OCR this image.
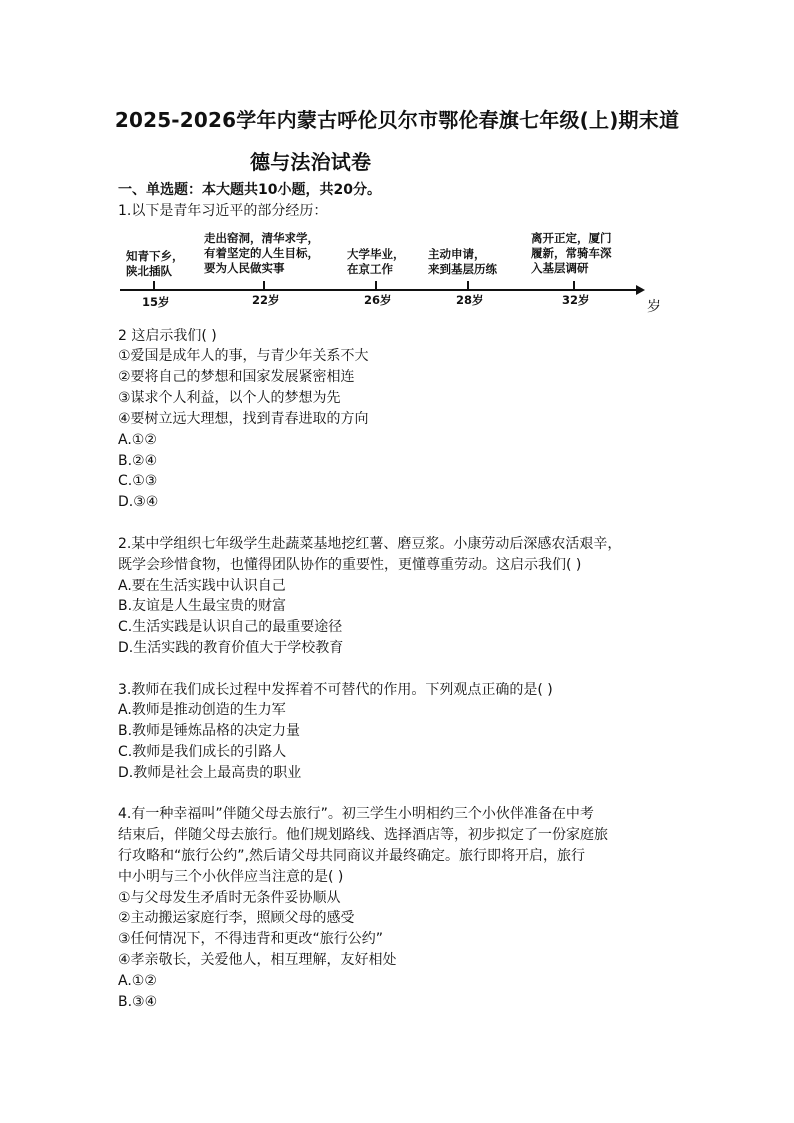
2025-2026学年内蒙古呼伦贝尔市鄂伦春旗七年级(上)期末道
德与法治试卷
一、单选题：本大题共10小题，共20分。
1.以下是青年习近平的部分经历：
知青下乡，
陕北插队
走出窑洞，清华求学，
有着坚定的人生目标，
要为人民做实事
大学毕业，
在京工作
主动申请，
来到基层历练
离开正定，厦门
履新，常骑车深
入基层调研
15岁	22岁	26岁	28岁	32岁	岁
2 这启示我们( )
①爱国是成年人的事，与青少年关系不大
②要将自己的梦想和国家发展紧密相连
③谋求个人利益，以个人的梦想为先
④要树立远大理想，找到青春进取的方向
A.①②
B.②④
C.①③
D.③④
2.某中学组织七年级学生赴蔬菜基地挖红薯、磨豆浆。小康劳动后深感农活艰辛，
既学会珍惜食物，也懂得团队协作的重要性，更懂尊重劳动。这启示我们( )
A.要在生活实践中认识自己
B.友谊是人生最宝贵的财富
C.生活实践是认识自己的最重要途径
D.生活实践的教育价值大于学校教育
3.教师在我们成长过程中发挥着不可替代的作用。下列观点正确的是( )
A.教师是推动创造的生力军
B.教师是锤炼品格的决定力量
C.教师是我们成长的引路人
D.教师是社会上最高贵的职业
4.有一种幸福叫”伴随父母去旅行”。初三学生小明相约三个小伙伴准备在中考
结束后，伴随父母去旅行。他们规划路线、选择酒店等，初步拟定了一份家庭旅
行攻略和“旅行公约”,然后请父母共同商议并最终确定。旅行即将开启，旅行
中小明与三个小伙伴应当注意的是( )
①与父母发生矛盾时无条件妥协顺从
②主动搬运家庭行李，照顾父母的感受
③任何情况下，不得违背和更改“旅行公约”
④孝亲敬长，关爱他人，相互理解，友好相处
A.①②
B.③④
